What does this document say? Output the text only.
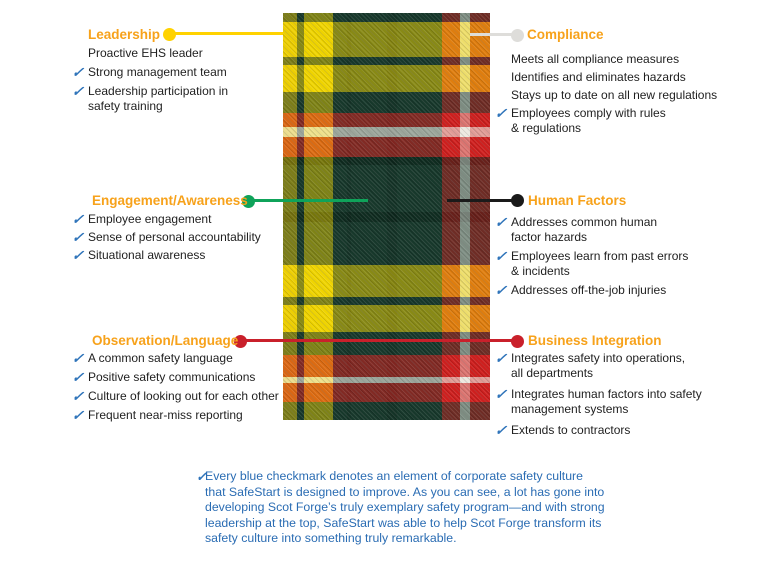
Leadership
Proactive EHS leader
✓ Strong management team
✓ Leadership participation in
safety training
Compliance
Meets all compliance measures
Identifies and eliminates hazards
Stays up to date on all new regulations
✓ Employees comply with rules
& regulations
Engagement/Awareness
✓ Employee engagement
✓ Sense of personal accountability
✓ Situational awareness
Human Factors
✓ Addresses common human
factor hazards
✓ Employees learn from past errors
& incidents
✓ Addresses off-the-job injuries
Observation/Language
✓ A common safety language
✓ Positive safety communications
✓ Culture of looking out for each other
✓ Frequent near-miss reporting
Business Integration
✓ Integrates safety into operations,
all departments
✓ Integrates human factors into safety
management systems
✓ Extends to contractors
✓
Every blue checkmark denotes an element of corporate safety culture
that SafeStart is designed to improve. As you can see, a lot has gone into
developing Scot Forge’s truly exemplary safety program—and with strong
leadership at the top, SafeStart was able to help Scot Forge transform its
safety culture into something truly remarkable.
